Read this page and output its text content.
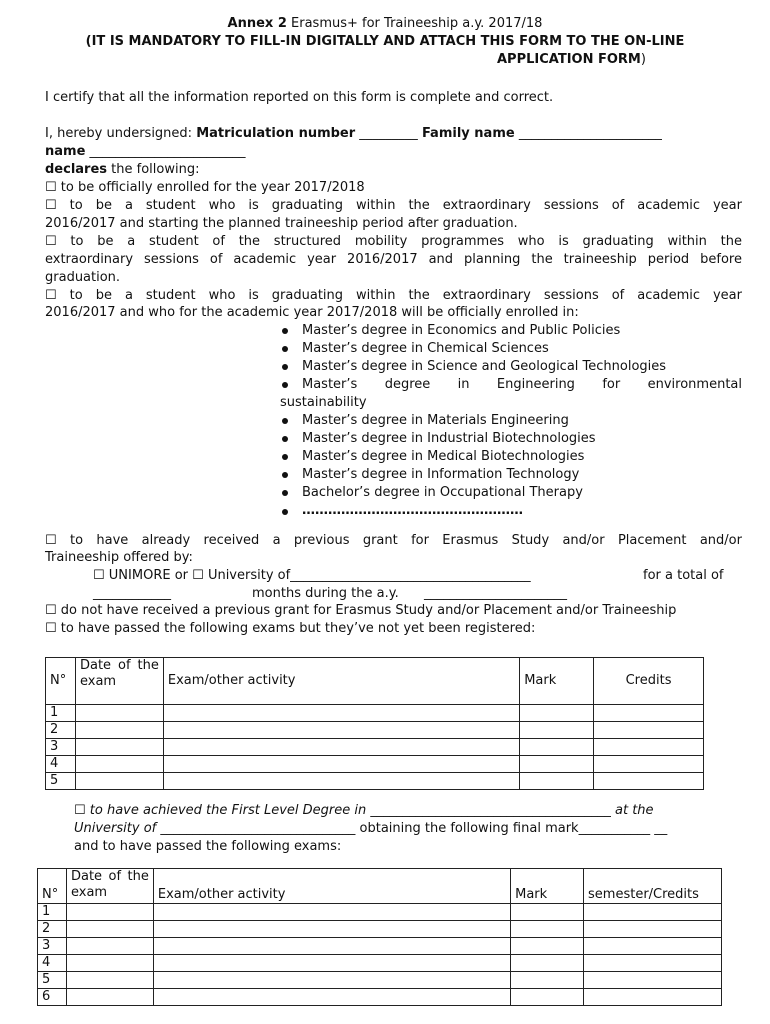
Annex 2 Erasmus+ for Traineeship a.y. 2017/18
(IT IS MANDATORY TO FILL-IN DIGITALLY AND ATTACH THIS FORM TO THE ON-LINE
APPLICATION FORM)
I certify that all the information reported on this form is complete and correct.
I, hereby undersigned: Matriculation number _________ Family name ______________________
name ________________________
declares the following:
☐ to be officially enrolled for the year 2017/2018
☐ to be a student who is graduating within the extraordinary sessions of academic year
2016/2017 and starting the planned traineeship period after graduation.
☐ to be a student of the structured mobility programmes who is graduating within the
extraordinary sessions of academic year 2016/2017 and planning the traineeship period before
graduation.
☐ to be a student who is graduating within the extraordinary sessions of academic year
2016/2017 and who for the academic year 2017/2018 will be officially enrolled in:
Master’s degree in Economics and Public Policies
Master’s degree in Chemical Sciences
Master’s degree in Science and Geological Technologies
Master’s degree in Engineering for environmental
sustainability
Master’s degree in Materials Engineering
Master’s degree in Industrial Biotechnologies
Master’s degree in Medical Biotechnologies
Master’s degree in Information Technology
Bachelor’s degree in Occupational Therapy
……………………………………………
☐ to have already received a previous grant for Erasmus Study and/or Placement and/or
Traineeship offered by:
☐ UNIMORE or ☐ University of_____________________________________	for a total of
____________	months during the a.y. ______________________
☐ do not have received a previous grant for Erasmus Study and/or Placement and/or Traineeship
☐ to have passed the following exams but they’ve not yet been registered:
N°	Date of the exam	Exam/other activity	Mark	Credits
1				
2				
3				
4				
5				
☐ to have achieved the First Level Degree in _____________________________________ at the
University of ______________________________ obtaining the following final mark___________ __
and to have passed the following exams:
N°	Date of the exam	Exam/other activity	Mark	semester/Credits
1				
2				
3				
4				
5				
6				
